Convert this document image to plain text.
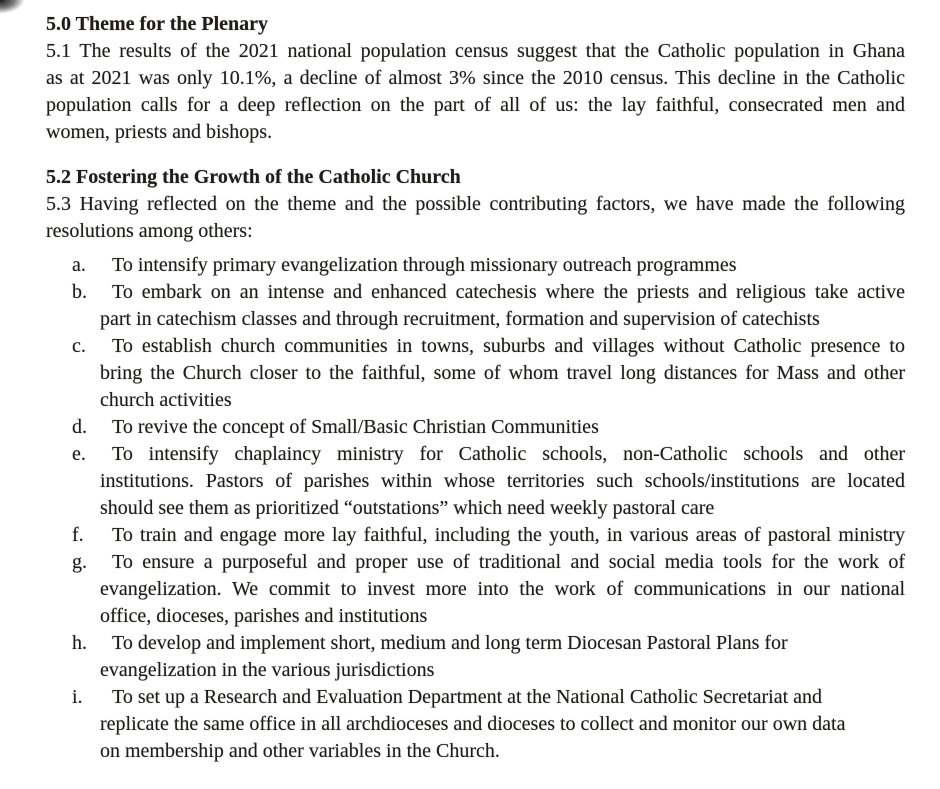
5.0 Theme for the Plenary
5.1 The results of the 2021 national population census suggest that the Catholic population in Ghana
as at 2021 was only 10.1%, a decline of almost 3% since the 2010 census. This decline in the Catholic
population calls for a deep reflection on the part of all of us: the lay faithful, consecrated men and
women, priests and bishops.
5.2 Fostering the Growth of the Catholic Church
5.3 Having reflected on the theme and the possible contributing factors, we have made the following
resolutions among others:
a.	To intensify primary evangelization through missionary outreach programmes
b.	To embark on an intense and enhanced catechesis where the priests and religious take active
part in catechism classes and through recruitment, formation and supervision of catechists
c.	To establish church communities in towns, suburbs and villages without Catholic presence to
bring the Church closer to the faithful, some of whom travel long distances for Mass and other
church activities
d.	To revive the concept of Small/Basic Christian Communities
e.	To intensify chaplaincy ministry for Catholic schools, non-Catholic schools and other
institutions. Pastors of parishes within whose territories such schools/institutions are located
should see them as prioritized “outstations” which need weekly pastoral care
f.	To train and engage more lay faithful, including the youth, in various areas of pastoral ministry
g.	To ensure a purposeful and proper use of traditional and social media tools for the work of
evangelization. We commit to invest more into the work of communications in our national
office, dioceses, parishes and institutions
h.	To develop and implement short, medium and long term Diocesan Pastoral Plans for
evangelization in the various jurisdictions
i.	To set up a Research and Evaluation Department at the National Catholic Secretariat and
replicate the same office in all archdioceses and dioceses to collect and monitor our own data
on membership and other variables in the Church.
